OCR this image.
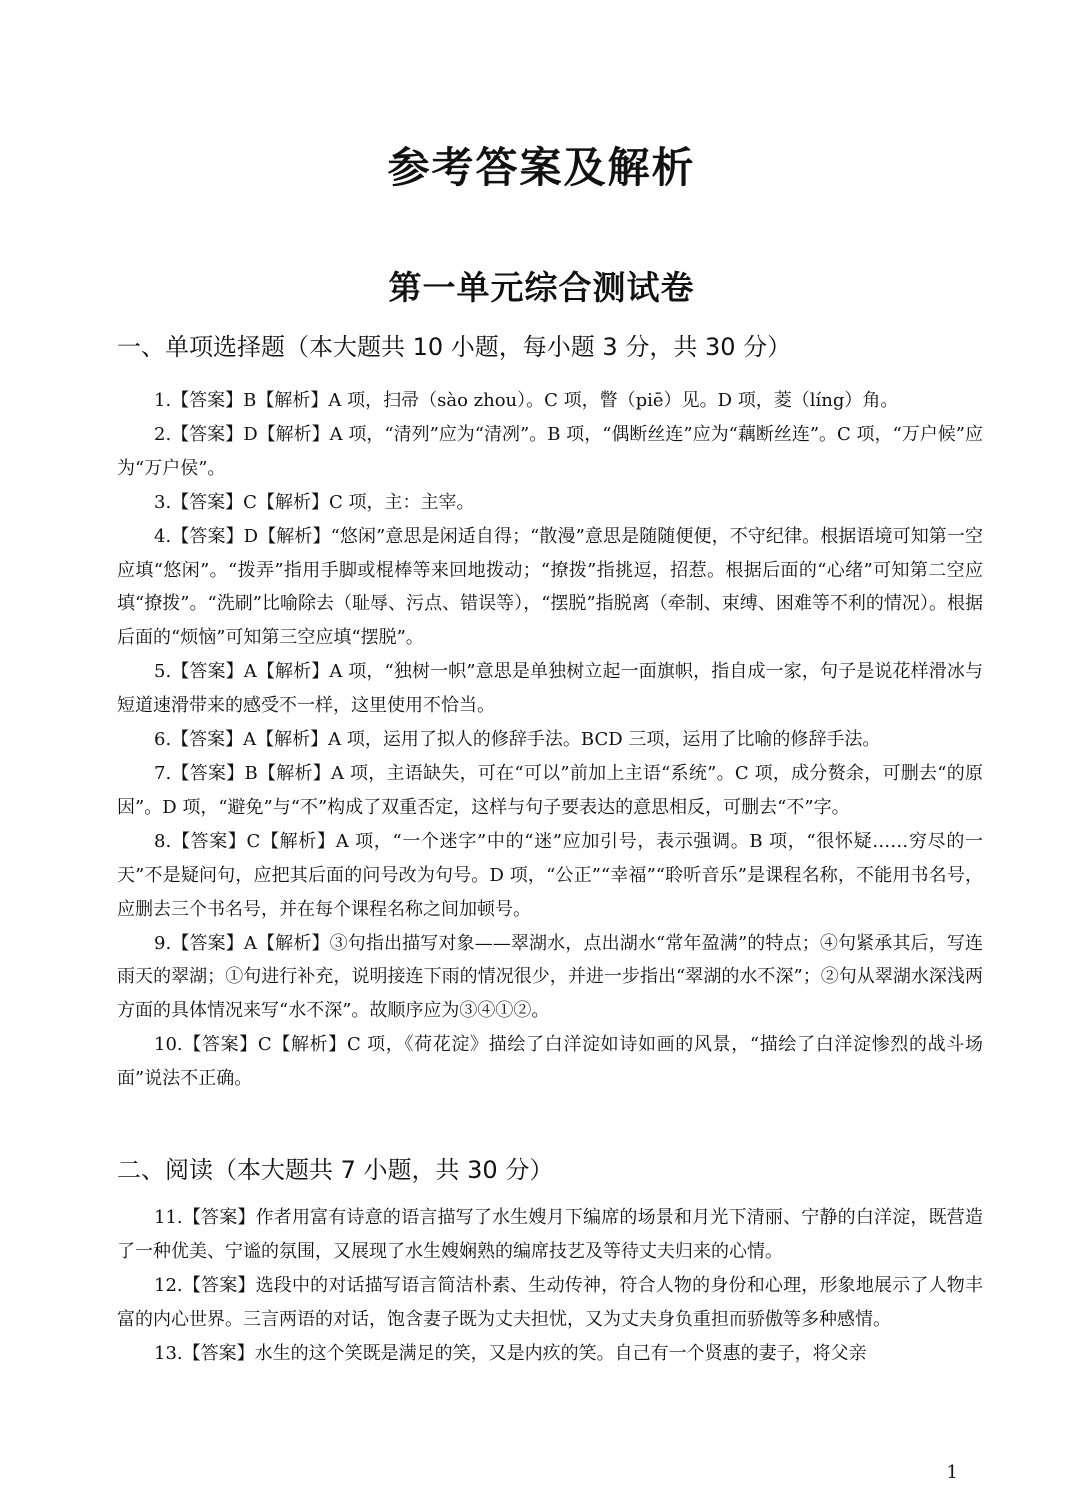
参考答案及解析
第一单元综合测试卷
一、单项选择题（本大题共 10 小题，每小题 3 分，共 30 分）

1.【答案】B【解析】A 项，扫帚（sào zhou）。C 项，瞥（piē）见。D 项，菱（líng）角。

2.【答案】D【解析】A 项，“清列”应为“清冽”。B 项，“偶断丝连”应为“藕断丝连”。C 项，“万户候”应为“万户侯”。

3.【答案】C【解析】C 项，主：主宰。

4.【答案】D【解析】“悠闲”意思是闲适自得；“散漫”意思是随随便便，不守纪律。根据语境可知第一空应填“悠闲”。“拨弄”指用手脚或棍棒等来回地拨动；“撩拨”指挑逗，招惹。根据后面的“心绪”可知第二空应填“撩拨”。“洗刷”比喻除去（耻辱、污点、错误等），“摆脱”指脱离（牵制、束缚、困难等不利的情况）。根据后面的“烦恼”可知第三空应填“摆脱”。

5.【答案】A【解析】A 项，“独树一帜”意思是单独树立起一面旗帜，指自成一家，句子是说花样滑冰与短道速滑带来的感受不一样，这里使用不恰当。

6.【答案】A【解析】A 项，运用了拟人的修辞手法。BCD 三项，运用了比喻的修辞手法。

7.【答案】B【解析】A 项，主语缺失，可在“可以”前加上主语“系统”。C 项，成分赘余，可删去“的原因”。D 项，“避免”与“不”构成了双重否定，这样与句子要表达的意思相反，可删去“不”字。

8.【答案】C【解析】A 项，“一个迷字”中的“迷”应加引号，表示强调。B 项，“很怀疑……穷尽的一天”不是疑问句，应把其后面的问号改为句号。D 项，“公正”“幸福”“聆听音乐”是课程名称，不能用书名号，应删去三个书名号，并在每个课程名称之间加顿号。

9.【答案】A【解析】③句指出描写对象——翠湖水，点出湖水“常年盈满”的特点；④句紧承其后，写连雨天的翠湖；①句进行补充，说明接连下雨的情况很少，并进一步指出“翠湖的水不深”；②句从翠湖水深浅两方面的具体情况来写“水不深”。故顺序应为③④①②。

10.【答案】C【解析】C 项，《荷花淀》描绘了白洋淀如诗如画的风景，“描绘了白洋淀惨烈的战斗场面”说法不正确。

二、阅读（本大题共 7 小题，共 30 分）

11.【答案】作者用富有诗意的语言描写了水生嫂月下编席的场景和月光下清丽、宁静的白洋淀，既营造了一种优美、宁谧的氛围，又展现了水生嫂娴熟的编席技艺及等待丈夫归来的心情。

12.【答案】选段中的对话描写语言简洁朴素、生动传神，符合人物的身份和心理，形象地展示了人物丰富的内心世界。三言两语的对话，饱含妻子既为丈夫担忧，又为丈夫身负重担而骄傲等多种感情。

13.【答案】水生的这个笑既是满足的笑，又是内疚的笑。自己有一个贤惠的妻子，将父亲

1
